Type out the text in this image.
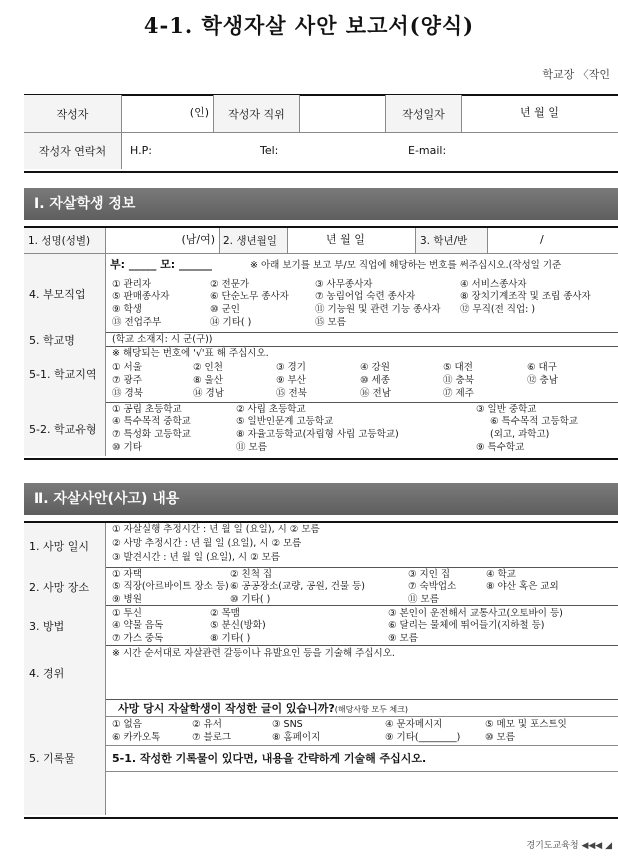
4-1. 학생자살 사안 보고서(양식)
학교장 〈작인
작성자	(인)	작성자 직위	작성일자	년 월 일
작성자 연락처	H.P:	Tel:	E-mail:
Ⅰ. 자살학생 정보
1. 성명(성별)	(남/여) 2. 생년월일	년 월 일	3. 학년/반	/
4. 부모직업
부: _____ 모: ______	※ 아래 보기를 보고 부/모 직업에 해당하는 번호를 써주십시오.(작성일 기준
① 관리자	② 전문가	③ 사무종사자	④ 서비스종사자
⑤ 판매종사자	⑥ 단순노무 종사자	⑦ 농림어업 숙련 종사자	⑧ 장치기계조작 및 조립 종사자
⑨ 학생	⑩ 군인	⑪ 기능원 및 관련 기능 종사자 ⑫ 무직(전 직업: )
⑬ 전업주부	⑭ 기타( )	⑮ 모름
5. 학교명	(학교 소재지: 시 군(구))
5-1. 학교지역
※ 해당되는 번호에 '√'표 해 주십시오.
① 서울	② 인천	③ 경기	④ 강원	⑤ 대전	⑥ 대구
⑦ 광주	⑧ 울산	⑨ 부산	⑩ 세종	⑪ 충북	⑫ 충남
⑬ 경북	⑭ 경남	⑮ 전북	⑯ 전남	⑰ 제주
5-2. 학교유형
① 공립 초등학교	② 사립 초등학교	③ 일반 중학교
④ 특수목적 중학교	⑤ 일반인문계 고등학교	⑥ 특수목적 고등학교
⑦ 특성화 고등학교	⑧ 자율고등학교(자립형 사립 고등학교)	(외고, 과학고)
⑩ 기타	⑪ 모름	⑨ 특수학교
Ⅱ. 자살사안(사고) 내용
1. 사망 일시
① 자살실행 추정시간 : 년 월 일 (요일), 시 ② 모름
② 사망 추정시간 : 년 월 일 (요일), 시 ② 모름
③ 발견시간 : 년 월 일 (요일), 시 ② 모름
2. 사망 장소
① 자택	② 친척 집	③ 지인 집	④ 학교
⑤ 직장(아르바이트 장소 등) ⑥ 공공장소(교량, 공원, 건물 등)	⑦ 숙박업소	⑧ 야산 혹은 교외
⑨ 병원	⑩ 기타( )	⑪ 모름
3. 방법
① 투신	② 목맴	③ 본인이 운전해서 교통사고(오토바이 등)
④ 약물 음독	⑤ 분신(방화)	⑥ 달리는 물체에 뛰어들기(지하철 등)
⑦ 가스 중독	⑧ 기타( )	⑨ 모름
4. 경위
※ 시간 순서대로 자살관련 갈등이나 유발요인 등을 기술해 주십시오.
5. 기록물
사망 당시 자살학생이 작성한 글이 있습니까?(해당사항 모두 체크)
① 없음	② 유서	③ SNS	④ 문자메시지	⑤ 메모 및 포스트잇
⑥ 카카오톡	⑦ 블로그	⑧ 홈페이지	⑨ 기타(________)	⑩ 모름
5-1. 작성한 기록물이 있다면, 내용을 간략하게 기술해 주십시오.
경기도교육청 ◀◀◀ ◢
